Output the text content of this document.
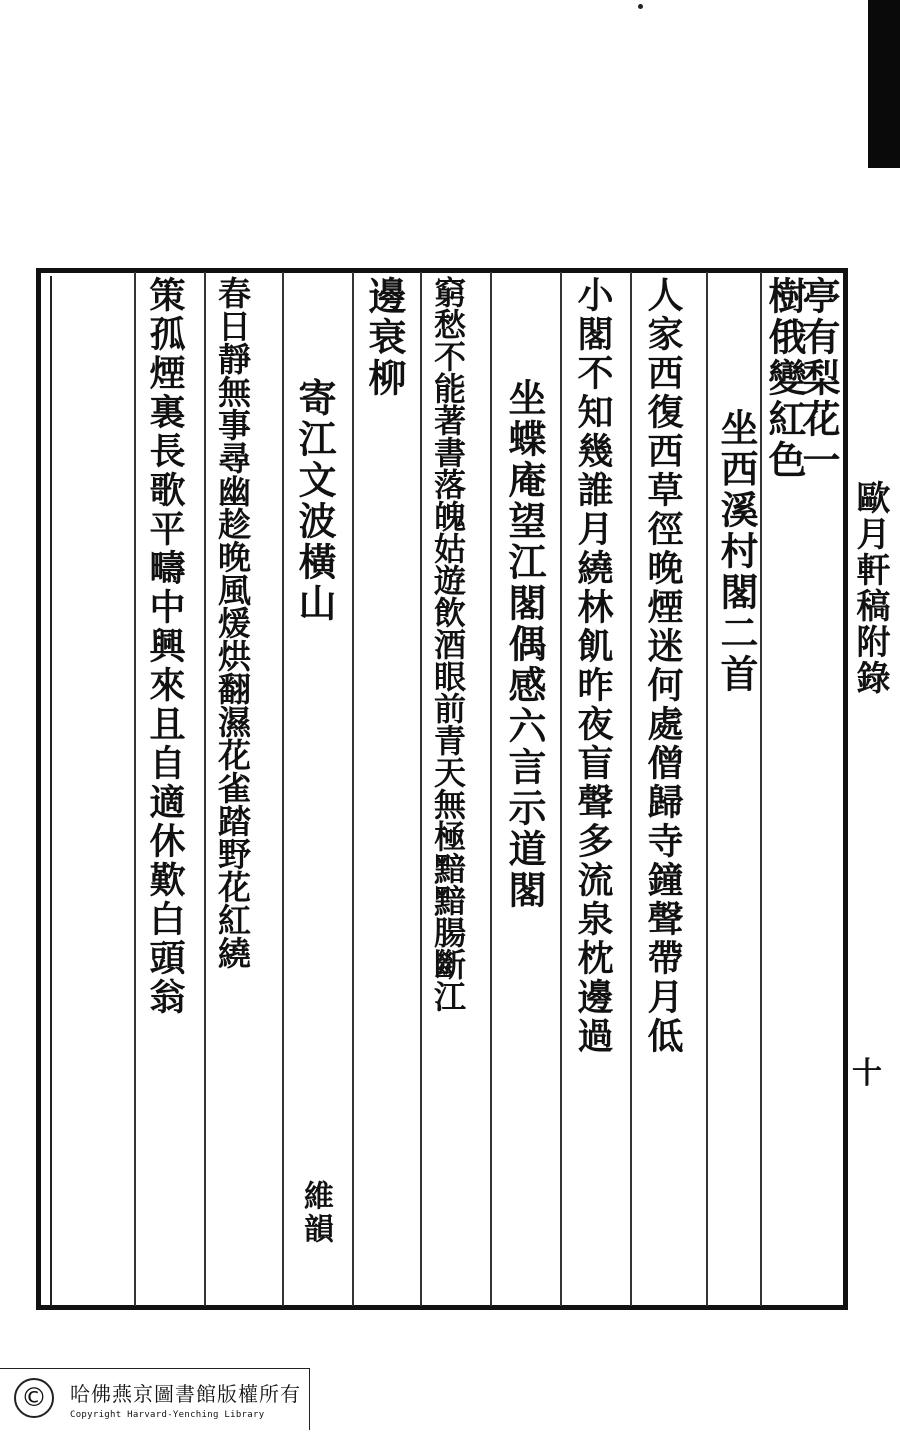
歐月軒稿附錄
十
亭有梨花一
樹俄變紅色
坐西溪村閣二首
人家西復西草徑晚煙迷何處僧歸寺鐘聲帶月低
小閣不知幾誰月繞林飢昨夜盲聲多流泉枕邊過
坐蝶庵望江閣偶感六言示道閣
窮愁不能著書落魄姑遊飲酒眼前青天無極黯黯腸斷江
邊衰柳
寄江文波橫山
維韻
春日靜無事尋幽趁晚風煖烘翻濕花雀踏野花紅繞
策孤煙裏長歌平疇中興來且自適休歎白頭翁
©	哈佛燕京圖書館版權所有
Copyright Harvard-Yenching Library
